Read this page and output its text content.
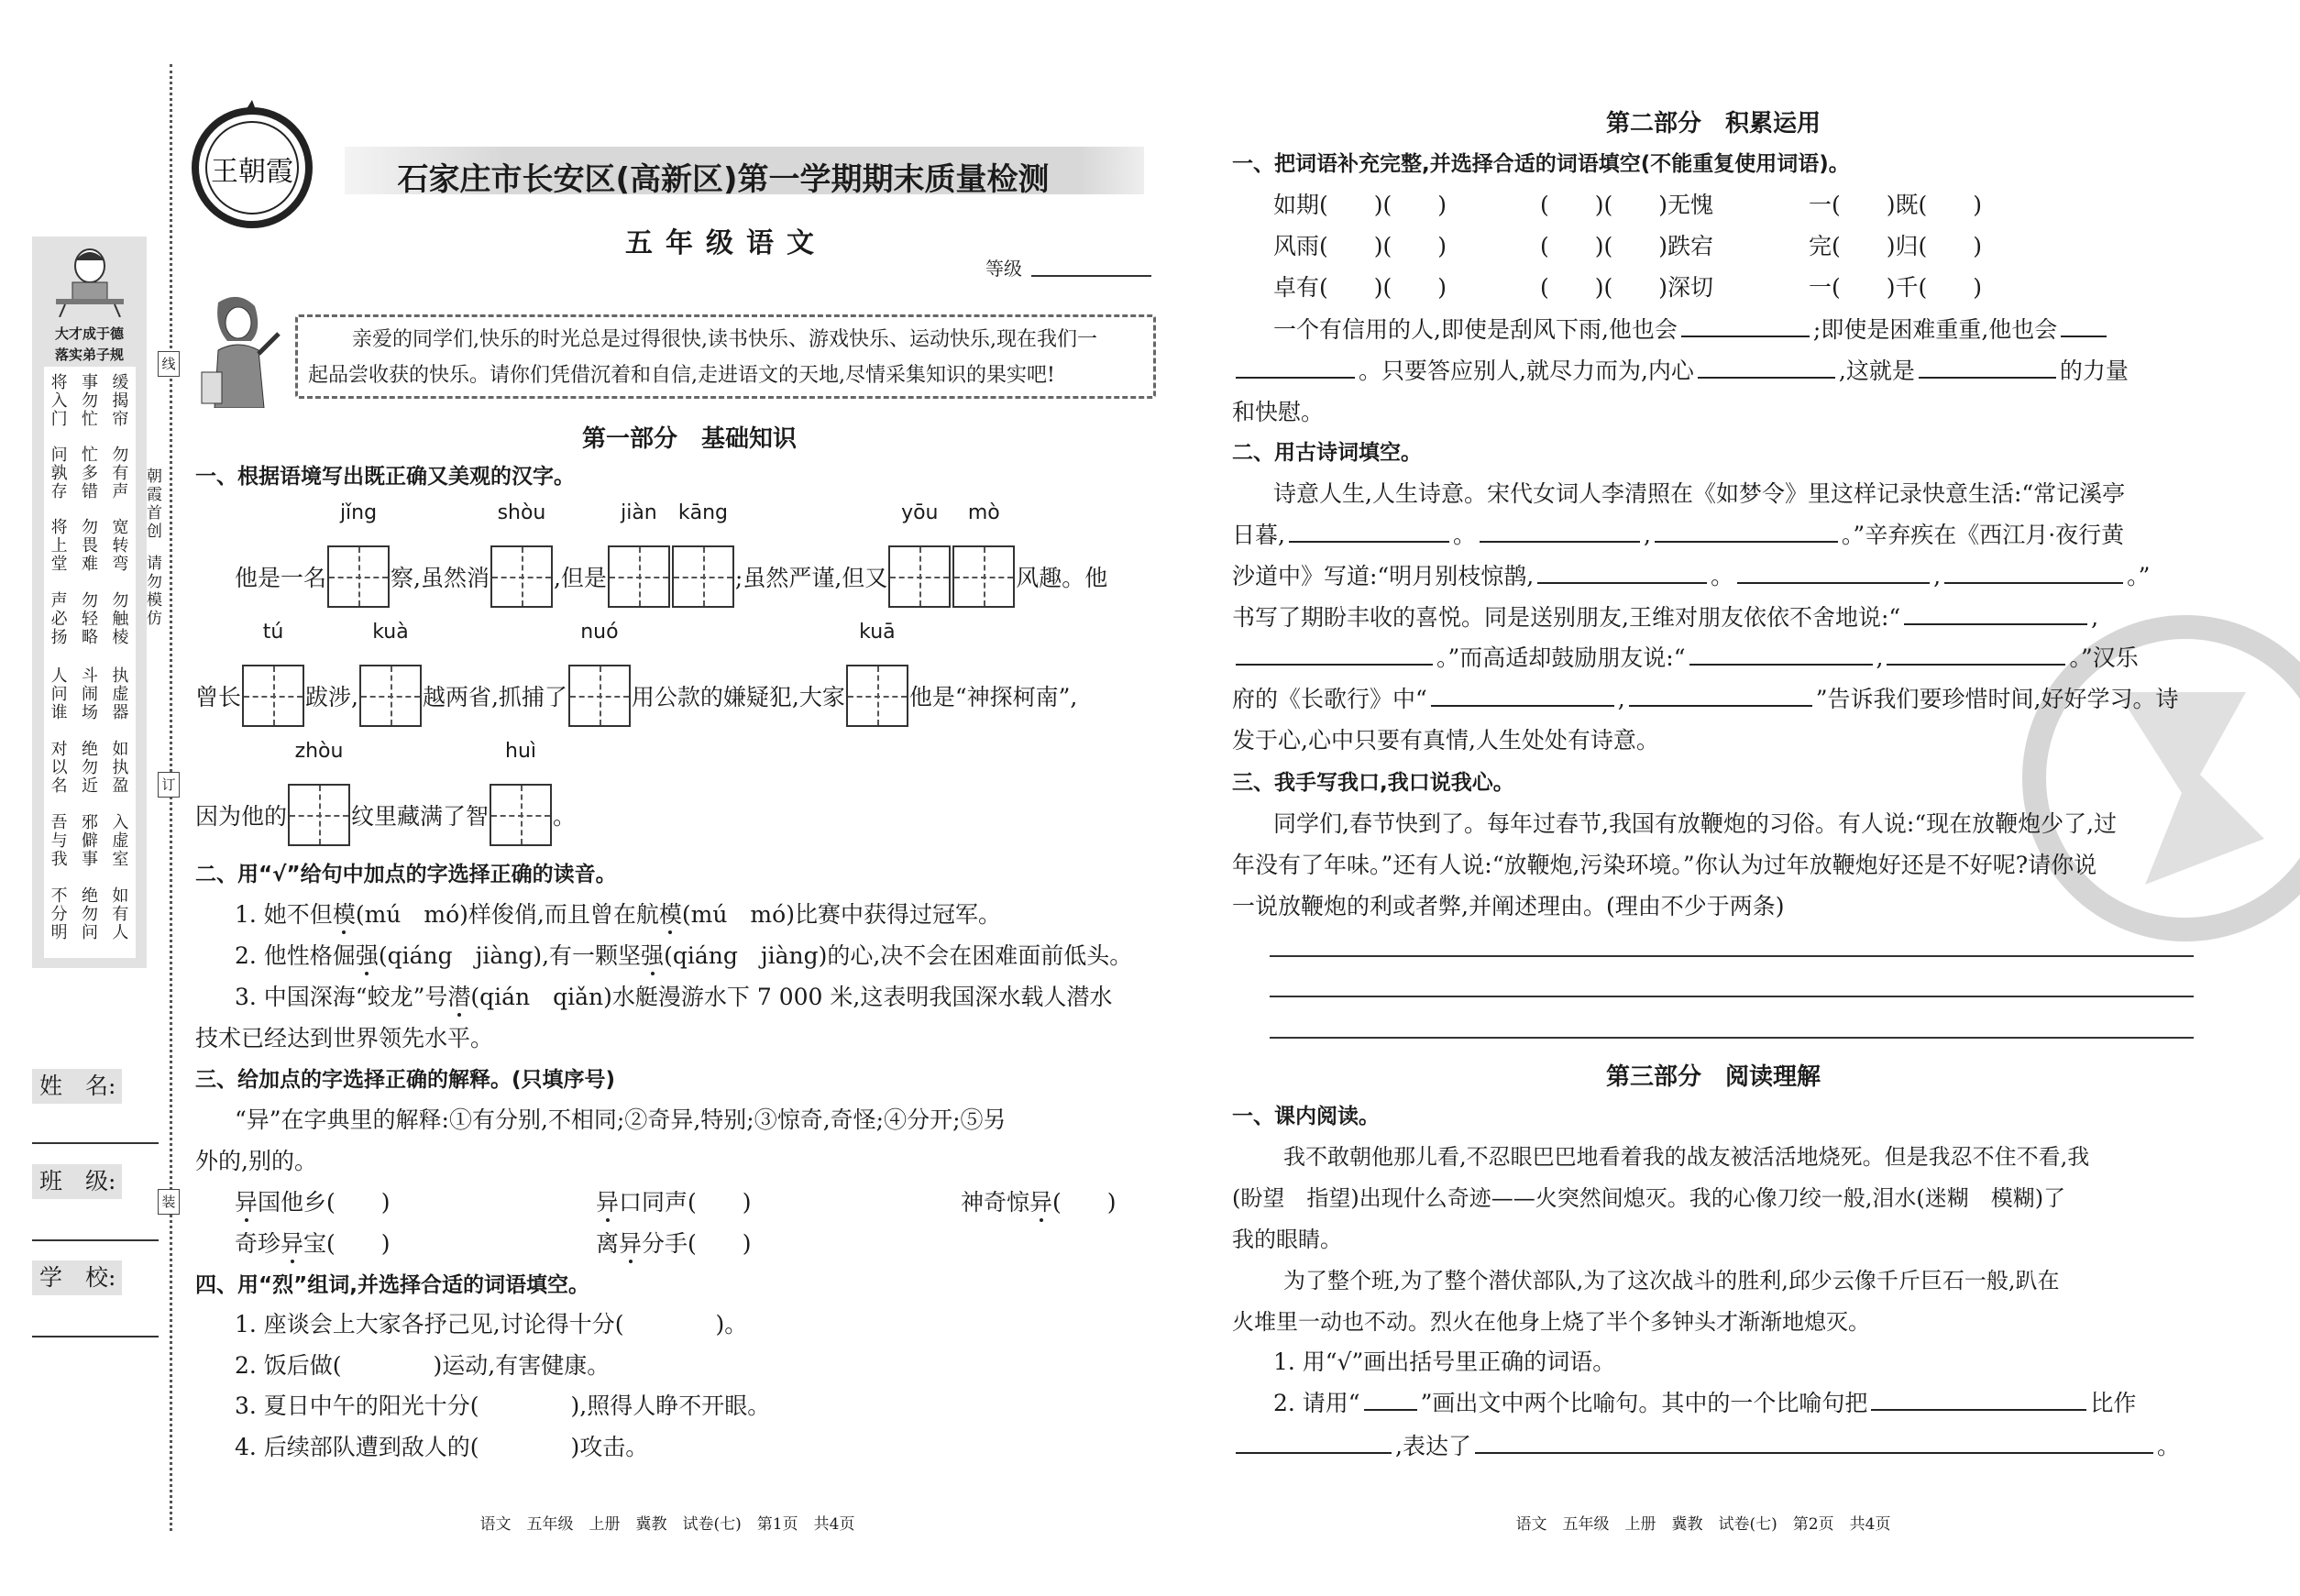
线
订
装
朝霞首创
请勿模仿
大才成于德
落实弟子规
将入门
事勿忙
缓揭帘
问孰存
忙多错
勿有声
将上堂
勿畏难
宽转弯
声必扬
勿轻略
勿触棱
人问谁
斗闹场
执虚器
对以名
绝勿近
如执盈
吾与我
邪僻事
入虚室
不分明
绝勿问
如有人
姓　名:
班　级:
学　校:
王朝霞	石家庄市长安区(高新区)第一学期期末质量检测
五年级语文
等级
亲爱的同学们,快乐的时光总是过得很快,读书快乐、游戏快乐、运动快乐,现在我们一
起品尝收获的快乐。请你们凭借沉着和自信,走进语文的天地,尽情采集知识的果实吧!
第一部分　基础知识
一、根据语境写出既正确又美观的汉字。
他是一名
jǐng
察,虽然消
shòu
,但是
jiàn	kāng
;虽然严谨,但又
yōu	mò
风趣。他
曾长
tú
跋涉,
kuà
越两省,抓捕了
nuó
用公款的嫌疑犯,大家
kuā
他是“神探柯南”,
因为他的
zhòu
纹里藏满了智
huì
。
二、用“√”给句中加点的字选择正确的读音。
1. 她不但模(mú　mó)样俊俏,而且曾在航模(mú　mó)比赛中获得过冠军。
2. 他性格倔强(qiáng　jiàng),有一颗坚强(qiáng　jiàng)的心,决不会在困难面前低头。
3. 中国深海“蛟龙”号潜(qián　qiǎn)水艇漫游水下 7 000 米,这表明我国深水载人潜水
技术已经达到世界领先水平。
三、给加点的字选择正确的解释。(只填序号)
“异”在字典里的解释:①有分别,不相同;②奇异,特别;③惊奇,奇怪;④分开;⑤另
外的,别的。
异国他乡(　　)	异口同声(　　)	神奇惊异(　　)
奇珍异宝(　　)	离异分手(　　)
四、用“烈”组词,并选择合适的词语填空。
1. 座谈会上大家各抒己见,讨论得十分(　　　　)。
2. 饭后做(　　　　)运动,有害健康。
3. 夏日中午的阳光十分(　　　　),照得人睁不开眼。
4. 后续部队遭到敌人的(　　　　)攻击。
语文　五年级　上册　冀教　试卷(七)　第1页　共4页
第二部分　积累运用
一、把词语补充完整,并选择合适的词语填空(不能重复使用词语)。
如期(　　)(　　)	(　　)(　　)无愧	一(　　)既(　　)
风雨(　　)(　　)	(　　)(　　)跌宕	完(　　)归(　　)
卓有(　　)(　　)	(　　)(　　)深切	一(　　)千(　　)
一个有信用的人,即使是刮风下雨,他也会	;即使是困难重重,他也会
。只要答应别人,就尽力而为,内心	,这就是	的力量
和快慰。
二、用古诗词填空。
诗意人生,人生诗意。宋代女词人李清照在《如梦令》里这样记录快意生活:“常记溪亭
日暮,	。	,	。”辛弃疾在《西江月·夜行黄
沙道中》写道:“明月别枝惊鹊,	。	,	。”
书写了期盼丰收的喜悦。同是送别朋友,王维对朋友依依不舍地说:“	,
。”而高适却鼓励朋友说:“	,	。”汉乐
府的《长歌行》中“	,	”告诉我们要珍惜时间,好好学习。诗
发于心,心中只要有真情,人生处处有诗意。
三、我手写我口,我口说我心。
同学们,春节快到了。每年过春节,我国有放鞭炮的习俗。有人说:“现在放鞭炮少了,过
年没有了年味。”还有人说:“放鞭炮,污染环境。”你认为过年放鞭炮好还是不好呢?请你说
一说放鞭炮的利或者弊,并阐述理由。(理由不少于两条)
第三部分　阅读理解
一、课内阅读。
我不敢朝他那儿看,不忍眼巴巴地看着我的战友被活活地烧死。但是我忍不住不看,我
(盼望　指望)出现什么奇迹——火突然间熄灭。我的心像刀绞一般,泪水(迷糊　模糊)了
我的眼睛。
为了整个班,为了整个潜伏部队,为了这次战斗的胜利,邱少云像千斤巨石一般,趴在
火堆里一动也不动。烈火在他身上烧了半个多钟头才渐渐地熄灭。
1. 用“√”画出括号里正确的词语。
2. 请用“	”画出文中两个比喻句。其中的一个比喻句把	比作
,表达了	。
语文　五年级　上册　冀教　试卷(七)　第2页　共4页
